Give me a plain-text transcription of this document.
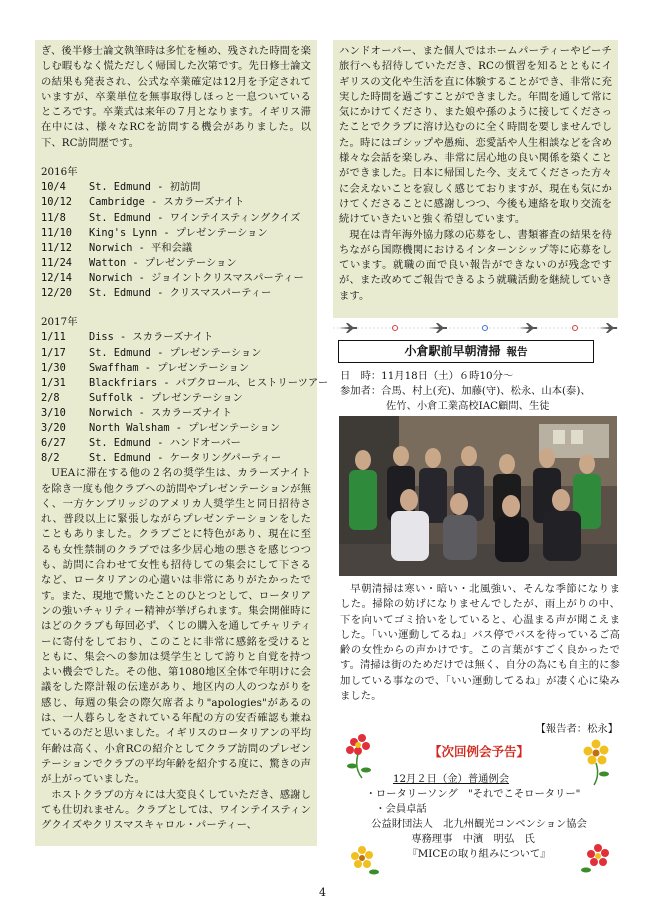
ぎ、後半修士論文執筆時は多忙を極め、残された時間を楽しむ暇もなく慌ただしく帰国した次第です。先日修士論文の結果も発表され、公式な卒業確定は12月を予定されていますが、卒業単位を無事取得しほっと一息ついているところです。卒業式は来年の７月となります。イギリス滞在中には、様々なRCを訪問する機会がありました。以下、RC訪問歴です。

2016年
10/4	St. Edmund - 初訪問
10/12	Cambridge - スカラーズナイト
11/8	St. Edmund - ワインテイスティングクイズ
11/10	King's Lynn - プレゼンテーション
11/12	Norwich - 平和会議
11/24	Watton - プレゼンテーション
12/14	Norwich - ジョイントクリスマスパーティー
12/20	St. Edmund - クリスマスパーティー
2017年
1/11	Diss - スカラーズナイト
1/17	St. Edmund - プレゼンテーション
1/30	Swaffham - プレゼンテーション
1/31	Blackfriars - パブクロール、ヒストリーツアー
2/8	Suffolk - プレゼンテーション
3/10	Norwich - スカラーズナイト
3/20	North Walsham - プレゼンテーション
6/27	St. Edmund - ハンドオーバー
8/2	St. Edmund - ケータリングパーティー

UEAに滞在する他の２名の奨学生は、カラーズナイトを除き一度も他クラブへの訪問やプレゼンテーションが無く、一方ケンブリッジのアメリカ人奨学生と同日招待され、普段以上に緊張しながらプレゼンテーションをしたこともありました。クラブごとに特色があり、現在に至るも女性禁制のクラブでは多少居心地の悪さを感じつつも、訪問に合わせて女性も招待しての集会にして下さるなど、ロータリアンの心遣いは非常にありがたかったです。また、現地で驚いたことのひとつとして、ロータリアンの強いチャリティー精神が挙げられます。集会開催時にはどのクラブも毎回必ず、くじの購入を通してチャリティーに寄付をしており、このことに非常に感銘を受けるとともに、集会への参加は奨学生として誇りと自覚を持つよい機会でした。その他、第1080地区全体で年明けに会議をした際計報の伝達があり、地区内の人のつながりを感じ、毎週の集会の際欠席者より"apologies"があるのは、一人暮らしをされている年配の方の安否確認も兼ねているのだと思いました。イギリスのロータリアンの平均年齢は高く、小倉RCの紹介としてクラブ訪問のプレゼンテーションでクラブの平均年齢を紹介する度に、驚きの声が上がっていました。

ホストクラブの方々には大変良くしていただき、感謝しても仕切れません。クラブとしては、ワインテイスティングクイズやクリスマスキャロル・パーティー、

ハンドオーバー、また個人ではホームパーティーやビーチ旅行へも招待していただき、RCの慣習を知るとともにイギリスの文化や生活を直に体験することができ、非常に充実した時間を過ごすことができました。年間を通して常に気にかけてくださり、また娘や孫のように接してくださったことでクラブに溶け込むのに全く時間を要しませんでした。時にはゴシップや愚痴、恋愛話や人生相談などを含め様々な会話を楽しみ、非常に居心地の良い関係を築くことができました。日本に帰国した今、支えてくださった方々に会えないことを寂しく感じておりますが、現在も気にかけてくださることに感謝しつつ、今後も連絡を取り交流を続けていきたいと強く希望しています。

現在は青年海外協力隊の応募をし、書類審査の結果を待ちながら国際機関におけるインターンシップ等に応募をしています。就職の面で良い報告ができないのが残念ですが、また改めてご報告できるよう就職活動を継続していきます。

小倉駅前早朝清掃 報告
日　時：11月18日（土）６時10分～
参加者：合馬、村上(充)、加藤(守)、松永、山本(泰)、
佐竹、小倉工業高校IAC顧問、生徒

早朝清掃は寒い・暗い・北風強い、そんな季節になりました。掃除の妨げになりませんでしたが、雨上がりの中、下を向いてゴミ拾いをしていると、心温まる声が聞こえました。「いい運動してるね」バス停でバスを待っているご高齢の女性からの声かけです。この言葉がすごく良かったです。清掃は街のためだけでは無く、自分の為にも自主的に参加している事なので、「いい運動してるね」が凄く心に染みました。

【報告者：松永】
【次回例会予告】
12月２日（金）普通例会
・ロータリーソング　"それでこそロータリー"
・会員卓話
公益財団法人　北九州観光コンベンション協会
専務理事　中濱　明弘　氏
『MICEの取り組みについて』
4
